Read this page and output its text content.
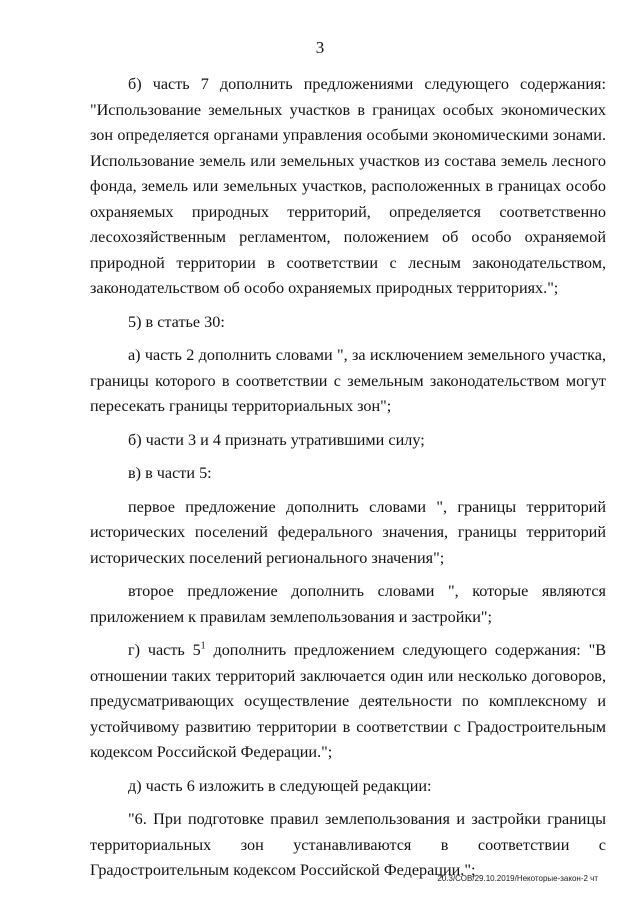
3

б) часть 7 дополнить предложениями следующего содержания: "Использование земельных участков в границах особых экономических зон определяется органами управления особыми экономическими зонами. Использование земель или земельных участков из состава земель лесного фонда, земель или земельных участков, расположенных в границах особо охраняемых природных территорий, определяется соответственно лесохозяйственным регламентом, положением об особо охраняемой природной территории в соответствии с лесным законодательством, законодательством об особо охраняемых природных территориях.";

5) в статье 30:

а) часть 2 дополнить словами ", за исключением земельного участка, границы которого в соответствии с земельным законодательством могут пересекать границы территориальных зон";

б) части 3 и 4 признать утратившими силу;

в) в части 5:

первое предложение дополнить словами ", границы территорий исторических поселений федерального значения, границы территорий исторических поселений регионального значения";

второе предложение дополнить словами ", которые являются приложением к правилам землепользования и застройки";

г) часть $5^1$ дополнить предложением следующего содержания: "В отношении таких территорий заключается один или несколько договоров, предусматривающих осуществление деятельности по комплексному и устойчивому развитию территории в соответствии с Градостроительным кодексом Российской Федерации.";

д) часть 6 изложить в следующей редакции:

"6. При подготовке правил землепользования и застройки границы территориальных зон устанавливаются в соответствии с Градостроительным кодексом Российской Федерации.";

20.3/СОВ/29.10.2019/Некоторые-закон-2 чт
